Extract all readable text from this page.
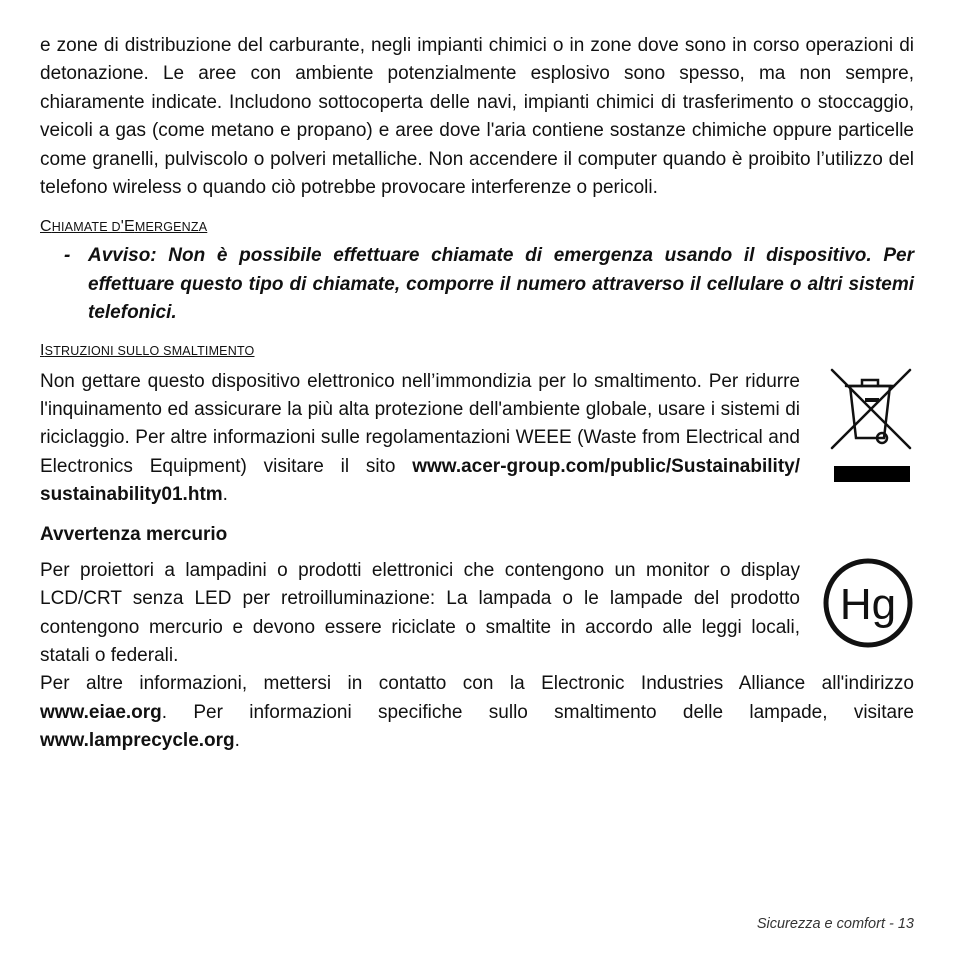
e zone di distribuzione del carburante, negli impianti chimici o in zone dove sono in corso operazioni di detonazione. Le aree con ambiente potenzialmente esplosivo sono spesso, ma non sempre, chiaramente indicate. Includono sottocoperta delle navi, impianti chimici di trasferimento o stoccaggio, veicoli a gas (come metano e propano) e aree dove l'aria contiene sostanze chimiche oppure particelle come granelli, pulviscolo o polveri metalliche. Non accendere il computer quando è proibito l’utilizzo del telefono wireless o quando ciò potrebbe provocare interferenze o pericoli.

CHIAMATE D'EMERGENZA
- Avviso: Non è possibile effettuare chiamate di emergenza usando il dispositivo. Per effettuare questo tipo di chiamate, comporre il numero attraverso il cellulare o altri sistemi telefonici.
ISTRUZIONI SULLO SMALTIMENTO

Non gettare questo dispositivo elettronico nell’immondizia per lo smaltimento. Per ridurre l'inquinamento ed assicurare la più alta protezione dell'ambiente globale, usare i sistemi di riciclaggio. Per altre informazioni sulle regolamentazioni WEEE (Waste from Electrical and Electronics Equipment) visitare il sito www.acer-group.com/public/Sustainability/ sustainability01.htm.

Avvertenza mercurio

Per proiettori a lampadini o prodotti elettronici che contengono un monitor o display LCD/CRT senza LED per retroilluminazione: La lampada o le lampade del prodotto contengono mercurio e devono essere riciclate o smaltite in accordo alle leggi locali, statali o federali.

Hg

Per altre informazioni, mettersi in contatto con la Electronic Industries Alliance all'indirizzo www.eiae.org. Per informazioni specifiche sullo smaltimento delle lampade, visitare www.lamprecycle.org.

Sicurezza e comfort - 13
